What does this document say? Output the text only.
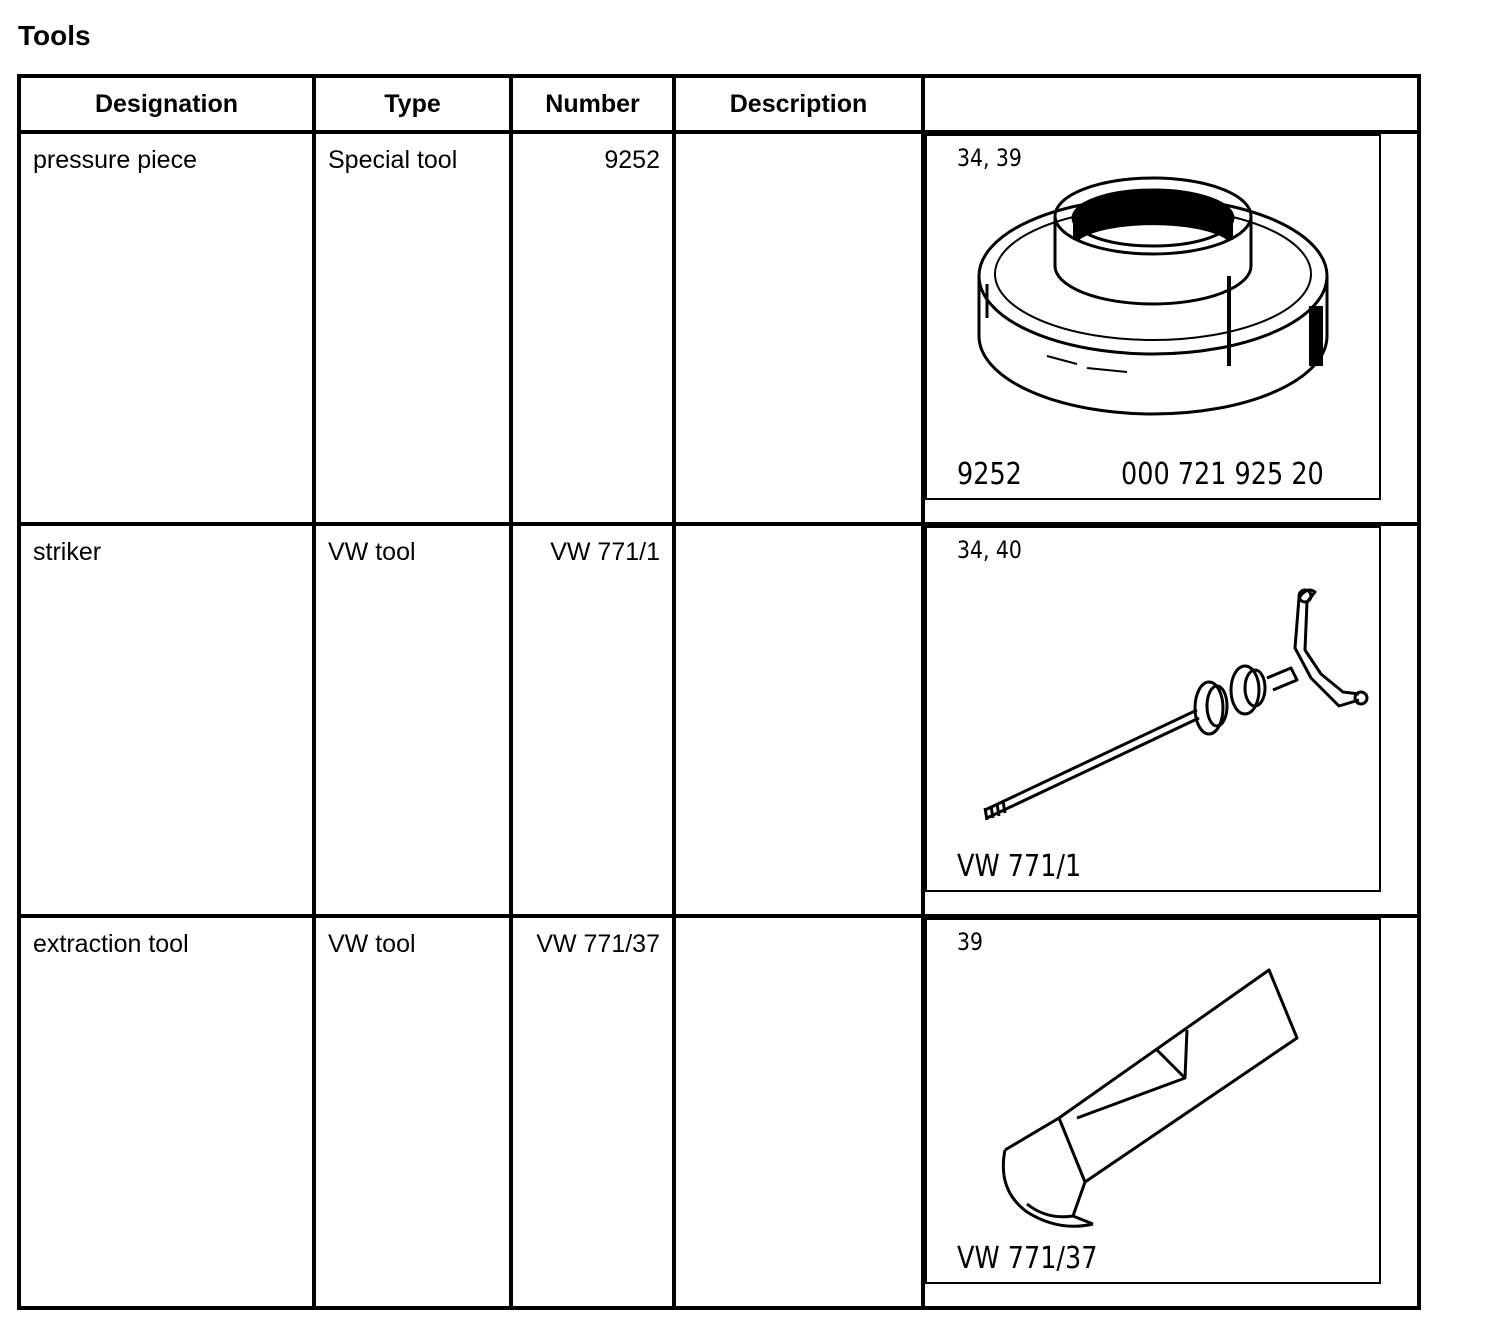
Tools
Designation	Type	Number	Description	

pressure piece	Special tool	9252		34, 39
9252 000 721 925 20

striker	VW tool	VW 771/1		34, 40
VW 771/1

extraction tool	VW tool	VW 771/37		39
VW 771/37
